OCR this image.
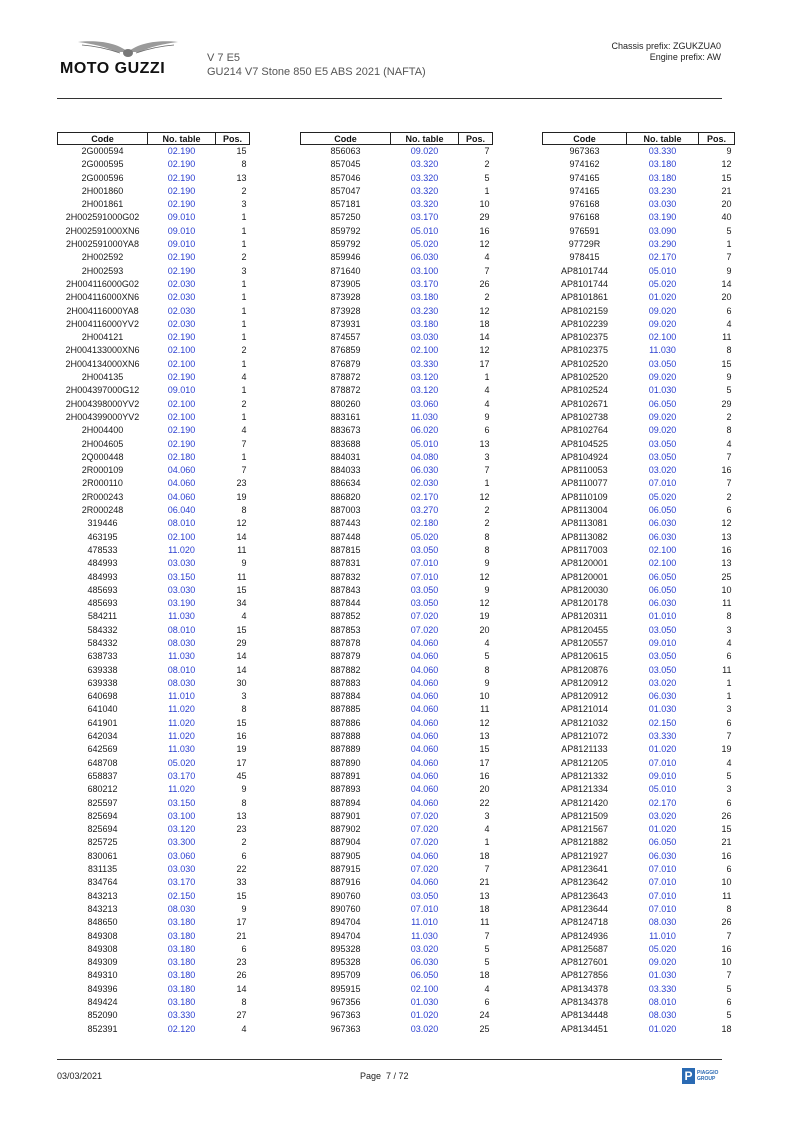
MOTO GUZZI
V 7 E5
GU214 V7 Stone 850 E5 ABS 2021 (NAFTA)
Chassis prefix: ZGUKZUA0
Engine prefix: AW
Code	No. table	Pos.
2G000594	02.190	15
2G000595	02.190	8
2G000596	02.190	13
2H001860	02.190	2
2H001861	02.190	3
2H002591000G02	09.010	1
2H002591000XN6	09.010	1
2H002591000YA8	09.010	1
2H002592	02.190	2
2H002593	02.190	3
2H004116000G02	02.030	1
2H004116000XN6	02.030	1
2H004116000YA8	02.030	1
2H004116000YV2	02.030	1
2H004121	02.190	1
2H004133000XN6	02.100	2
2H004134000XN6	02.100	1
2H004135	02.190	4
2H004397000G12	09.010	1
2H004398000YV2	02.100	2
2H004399000YV2	02.100	1
2H004400	02.190	4
2H004605	02.190	7
2Q000448	02.180	1
2R000109	04.060	7
2R000110	04.060	23
2R000243	04.060	19
2R000248	06.040	8
319446	08.010	12
463195	02.100	14
478533	11.020	11
484993	03.030	9
484993	03.150	11
485693	03.030	15
485693	03.190	34
584211	11.030	4
584332	08.010	15
584332	08.030	29
638733	11.030	14
639338	08.010	14
639338	08.030	30
640698	11.010	3
641040	11.020	8
641901	11.020	15
642034	11.020	16
642569	11.030	19
648708	05.020	17
658837	03.170	45
680212	11.020	9
825597	03.150	8
825694	03.100	13
825694	03.120	23
825725	03.300	2
830061	03.060	6
831135	03.030	22
834764	03.170	33
843213	02.150	15
843213	08.030	9
848650	03.180	17
849308	03.180	21
849308	03.180	6
849309	03.180	23
849310	03.180	26
849396	03.180	14
849424	03.180	8
852090	03.330	27
852391	02.120	4
Code	No. table	Pos.
856063	09.020	7
857045	03.320	2
857046	03.320	5
857047	03.320	1
857181	03.320	10
857250	03.170	29
859792	05.010	16
859792	05.020	12
859946	06.030	4
871640	03.100	7
873905	03.170	26
873928	03.180	2
873928	03.230	12
873931	03.180	18
874557	03.030	14
876859	02.100	12
876879	03.330	17
878872	03.120	1
878872	03.120	4
880260	03.060	4
883161	11.030	9
883673	06.020	6
883688	05.010	13
884031	04.080	3
884033	06.030	7
886634	02.030	1
886820	02.170	12
887003	03.270	2
887443	02.180	2
887448	05.020	8
887815	03.050	8
887831	07.010	9
887832	07.010	12
887843	03.050	9
887844	03.050	12
887852	07.020	19
887853	07.020	20
887878	04.060	4
887879	04.060	5
887882	04.060	8
887883	04.060	9
887884	04.060	10
887885	04.060	11
887886	04.060	12
887888	04.060	13
887889	04.060	15
887890	04.060	17
887891	04.060	16
887893	04.060	20
887894	04.060	22
887901	07.020	3
887902	07.020	4
887904	07.020	1
887905	04.060	18
887915	07.020	7
887916	04.060	21
890760	03.050	13
890760	07.010	18
894704	11.010	11
894704	11.030	7
895328	03.020	5
895328	06.030	5
895709	06.050	18
895915	02.100	4
967356	01.030	6
967363	01.020	24
967363	03.020	25
Code	No. table	Pos.
967363	03.330	9
974162	03.180	12
974165	03.180	15
974165	03.230	21
976168	03.030	20
976168	03.190	40
976591	03.090	5
97729R	03.290	1
978415	02.170	7
AP8101744	05.010	9
AP8101744	05.020	14
AP8101861	01.020	20
AP8102159	09.020	6
AP8102239	09.020	4
AP8102375	02.100	11
AP8102375	11.030	8
AP8102520	03.050	15
AP8102520	09.020	9
AP8102524	01.030	5
AP8102671	06.050	29
AP8102738	09.020	2
AP8102764	09.020	8
AP8104525	03.050	4
AP8104924	03.050	7
AP8110053	03.020	16
AP8110077	07.010	7
AP8110109	05.020	2
AP8113004	06.050	6
AP8113081	06.030	12
AP8113082	06.030	13
AP8117003	02.100	16
AP8120001	02.100	13
AP8120001	06.050	25
AP8120030	06.050	10
AP8120178	06.030	11
AP8120311	01.010	8
AP8120455	03.050	3
AP8120557	09.010	4
AP8120615	03.050	6
AP8120876	03.050	11
AP8120912	03.020	1
AP8120912	06.030	1
AP8121014	01.030	3
AP8121032	02.150	6
AP8121072	03.330	7
AP8121133	01.020	19
AP8121205	07.010	4
AP8121332	09.010	5
AP8121334	05.010	3
AP8121420	02.170	6
AP8121509	03.020	26
AP8121567	01.020	15
AP8121882	06.050	21
AP8121927	06.030	16
AP8123641	07.010	6
AP8123642	07.010	10
AP8123643	07.010	11
AP8123644	07.010	8
AP8124718	08.030	26
AP8124936	11.010	7
AP8125687	05.020	16
AP8127601	09.020	10
AP8127856	01.030	7
AP8134378	03.330	5
AP8134378	08.010	6
AP8134448	08.030	5
AP8134451	01.020	18
03/03/2021	Page 7 / 72	P PIAGGIO
GROUP
